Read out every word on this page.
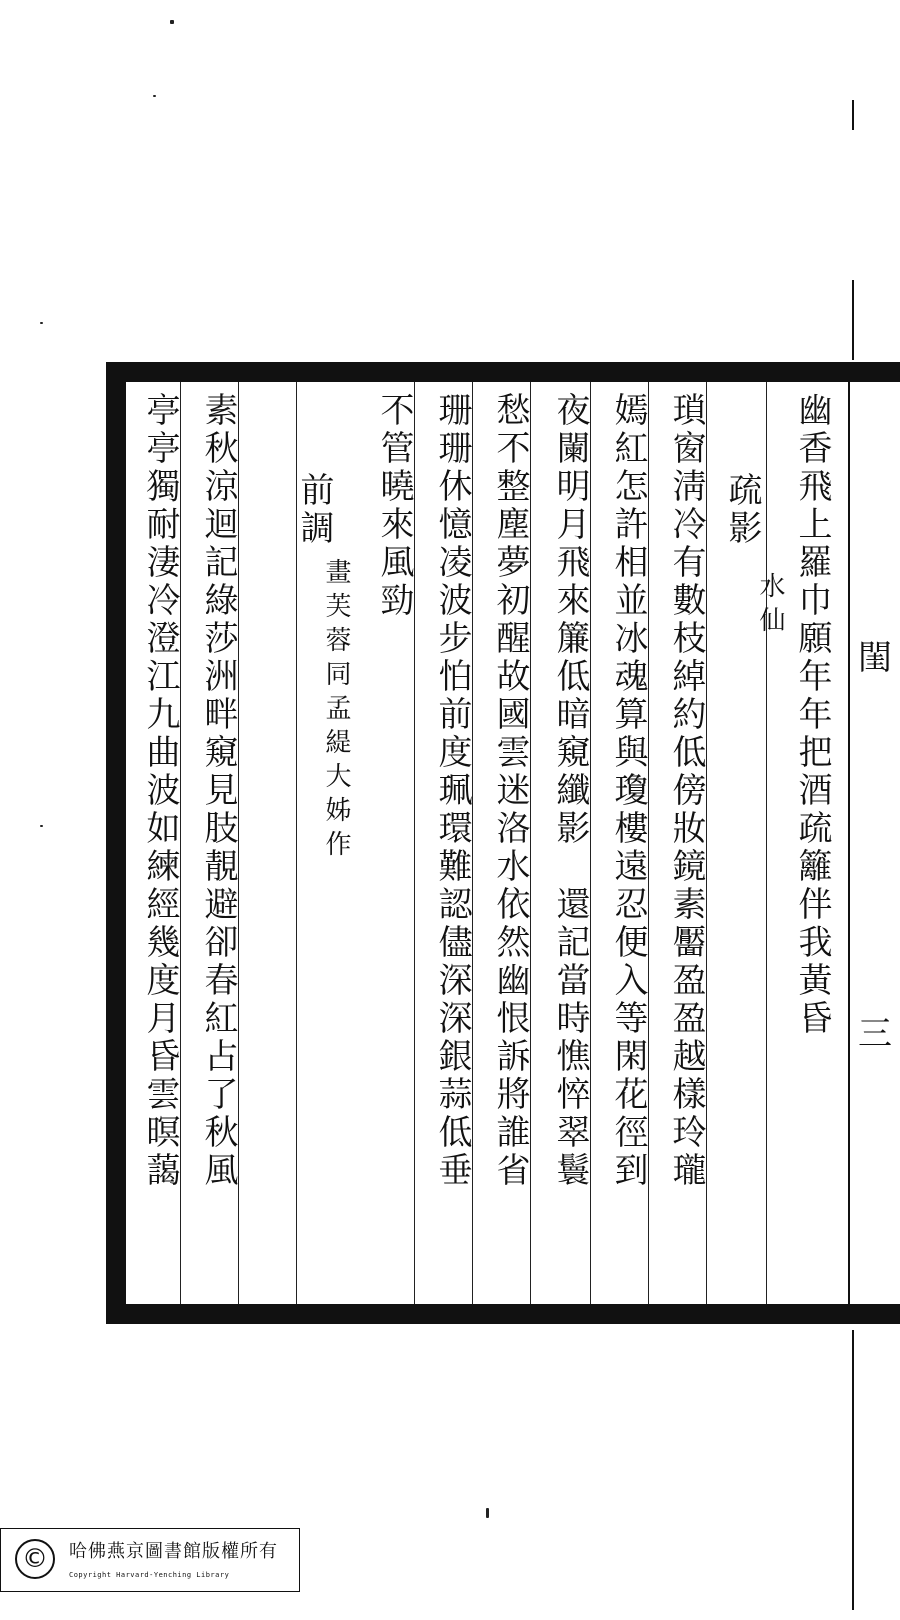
幽香飛上羅巾願年年把酒疏籬伴我黃昏
疏影
水仙
瑣窗淸冷有數枝綽約低傍妝鏡素靨盈盈越樣玲瓏
嫣紅怎許相並冰魂算與瓊樓遠忍便入等閑花徑到
夜闌明月飛來簾低暗窺纖影　還記當時憔悴翠鬟
愁不整塵夢初醒故國雲迷洛水依然幽恨訴將誰省
珊珊休憶凌波步怕前度珮環難認儘深深銀蒜低垂
不管曉來風勁
前調
畫芙蓉同孟緹大姊作
素秋涼迴記綠莎洲畔窺見肢靚避卻春紅占了秋風
亭亭獨耐淒冷澄江九曲波如練經幾度月昏雲暝藹	閨
三
©	哈佛燕京圖書館版權所有
Copyright Harvard-Yenching Library
